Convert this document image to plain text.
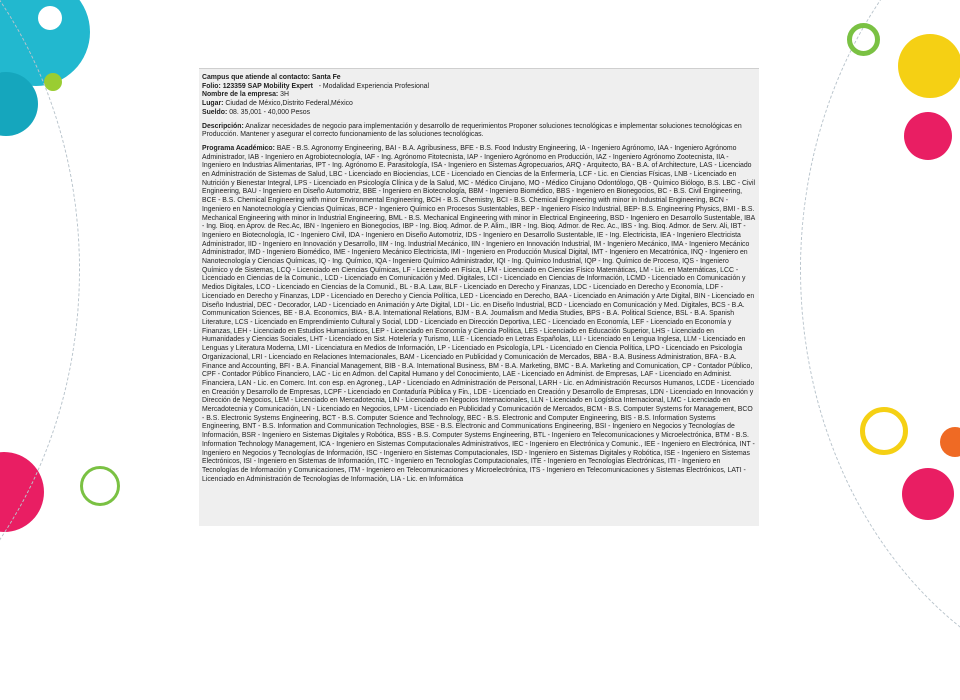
Campus que atiende al contacto: Santa Fe
Folio: 123359 SAP Mobility Expert - Modalidad Experiencia Profesional
Nombre de la empresa: 3H
Lugar: Ciudad de México,Distrito Federal,México
Sueldo: 08. 35,001 - 40,000 Pesos
Descripción: Analizar necesidades de negocio para implementación y desarrollo de requerimientos Proponer soluciones tecnológicas e implementar soluciones tecnológicas en Producción. Mantener y asegurar el correcto funcionamiento de las soluciones tecnológicas.
Programa Académico: BAE - B.S. Agronomy Engineering, BAI - B.A. Agribusiness, BFE - B.S. Food Industry Engineering, IA - Ingeniero Agrónomo, IAA - Ingeniero Agrónomo Administrador, IAB - Ingeniero en Agrobiotecnología, IAF - Ing. Agrónomo Fitotecnista, IAP - Ingeniero Agrónomo en Producción, IAZ - Ingeniero Agrónomo Zootecnista, IIA - Ingeniero en Industrias Alimentarias, IPT - Ing. Agrónomo E. Parasitología, ISA - Ingeniero en Sistemas Agropecuarios, ARQ - Arquitecto, BA - B.A. of Architecture, LAS - Licenciado en Administración de Sistemas de Salud, LBC - Licenciado en Biociencias, LCE - Licenciado en Ciencias de la Enfermería, LCF - Lic. en Ciencias Físicas, LNB - Licenciado en Nutrición y Bienestar Integral, LPS - Licenciado en Psicología Clínica y de la Salud, MC - Médico Cirujano, MO - Médico Cirujano Odontólogo, QB - Químico Biólogo, B.S. LBC - Civil Engineering, BAU - Ingeniero en Diseño Automotriz, BBE - Ingeniero en Biotecnología, BBM - Ingeniero Biomédico, BBS - Ingeniero en Bionegocios, BC - B.S. Civil Engineering, BCE - B.S. Chemical Engineering with minor Environmental Engineering, BCH - B.S. Chemistry, BCI - B.S. Chemical Engineering with minor in Industrial Engineering, BCN - Ingeniero en Nanotecnología y Ciencias Químicas, BCP - Ingeniero Químico en Procesos Sustentables, BEP - Ingeniero Físico Industrial, BEP- B.S. Engineering Physics, BMI - B.S. Mechanical Engineering with minor in Industrial Engineering, BML - B.S. Mechanical Engineering with minor in Electrical Engineering, BSD - Ingeniero en Desarrollo Sustentable, IBA - Ing. Bioq. en Aprov. de Rec.Ac, IBN - Ingeniero en Bionegocios, IBP - Ing. Bioq. Admor. de P. Alim., IBR - Ing. Bioq. Admor. de Rec. Ac., IBS - Ing. Bioq. Admor. de Serv. Ali, IBT - Ingeniero en Biotecnología, IC - Ingeniero Civil, IDA - Ingeniero en Diseño Automotriz, IDS - Ingeniero en Desarrollo Sustentable, IE - Ing. Electricista, IEA - Ingeniero Electricista Administrador, IID - Ingeniero en Innovación y Desarrollo, IIM - Ing. Industrial Mecánico, IIN - Ingeniero en Innovación Industrial, IM - Ingeniero Mecánico, IMA - Ingeniero Mecánico Administrador, IMD - Ingeniero Biomédico, IME - Ingeniero Mecánico Electricista, IMI - Ingeniero en Producción Musical Digital, IMT - Ingeniero en Mecatrónica, INQ - Ingeniero en Nanotecnología y Ciencias Químicas, IQ - Ing. Químico, IQA - Ingeniero Químico Administrador, IQI - Ing. Químico Industrial, IQP - Ing. Químico de Proceso, IQS - Ingeniero Químico y de Sistemas, LCQ - Licenciado en Ciencias Químicas, LF - Licenciado en Física, LFM - Licenciado en Ciencias Físico Matemáticas, LM - Lic. en Matemáticas, LCC - Licenciado en Ciencias de la Comunic., LCD - Licenciado en Comunicación y Med. Digitales, LCI - Licenciado en Ciencias de Información, LCMD - Licenciado en Comunicación y Medios Digitales, LCO - Licenciado en Ciencias de la Comunid., BL - B.A. Law, BLF - Licenciado en Derecho y Finanzas, LDC - Licenciado en Derecho y Economía, LDF - Licenciado en Derecho y Finanzas, LDP - Licenciado en Derecho y Ciencia Política, LED - Licenciado en Derecho, BAA - Licenciado en Animación y Arte Digital, BIN - Licenciado en Diseño Industrial, DEC - Decorador, LAD - Licenciado en Animación y Arte Digital, LDI - Lic. en Diseño Industrial, BCD - Licenciado en Comunicación y Med. Digitales, BCS - B.A. Communication Sciences, BE - B.A. Economics, BIA - B.A. International Relations, BJM - B.A. Journalism and Media Studies, BPS - B.A. Political Science, BSL - B.A. Spanish Literature, LCS - Licenciado en Emprendimiento Cultural y Social, LDD - Licenciado en Dirección Deportiva, LEC - Licenciado en Economía, LEF - Licenciado en Economía y Finanzas, LEH - Licenciado en Estudios Humanísticos, LEP - Licenciado en Economía y Ciencia Política, LES - Licenciado en Educación Superior, LHS - Licenciado en Humanidades y Ciencias Sociales, LHT - Licenciado en Sist. Hotelería y Turismo, LLE - Licenciado en Letras Españolas, LLI - Licenciado en Lengua Inglesa, LLM - Licenciado en Lenguas y Literatura Moderna, LMI - Licenciatura en Medios de Información, LP - Licenciado en Psicología, LPL - Licenciado en Ciencia Política, LPO - Licenciado en Psicología Organizacional, LRI - Licenciado en Relaciones Internacionales, BAM - Licenciado en Publicidad y Comunicación de Mercados, BBA - B.A. Business Administration, BFA - B.A. Finance and Accounting, BFI - B.A. Financial Management, BIB - B.A. International Business, BM - B.A. Marketing, BMC - B.A. Marketing and Comunication, CP - Contador Público, CPF - Contador Público Financiero, LAC - Lic en Admon. del Capital Humano y del Conocimiento, LAE - Licenciado en Administ. de Empresas, LAF - Licenciado en Administ. Financiera, LAN - Lic. en Comerc. Int. con esp. en Agroneg., LAP - Licenciado en Administración de Personal, LARH - Lic. en Administración Recursos Humanos, LCDE - Licenciado en Creación y Desarrollo de Empresas, LCPF - Licenciado en Contaduría Pública y Fin., LDE - Licenciado en Creación y Desarrollo de Empresas, LDN - Licenciado en Innovación y Dirección de Negocios, LEM - Licenciado en Mercadotecnia, LIN - Licenciado en Negocios Internacionales, LLN - Licenciado en Logística Internacional, LMC - Licenciado en Mercadotecnia y Comunicación, LN - Licenciado en Negocios, LPM - Licenciado en Publicidad y Comunicación de Mercados, BCM - B.S. Computer Systems for Management, BCO - B.S. Electronic Systems Engineering, BCT - B.S. Computer Science and Technology, BEC - B.S. Electronic and Computer Engineering, BIS - B.S. Information Systems Engineering, BNT - B.S. Information and Communication Technologies, BSE - B.S. Electronic and Communications Engineering, BSI - Ingeniero en Negocios y Tecnologías de Información, BSR - Ingeniero en Sistemas Digitales y Robótica, BSS - B.S. Computer Systems Engineering, BTL - Ingeniero en Telecomunicaciones y Microelectrónica, BTM - B.S. Information Technology Management, ICA - Ingeniero en Sistemas Computacionales Administrativos, IEC - Ingeniero en Electrónica y Comunic., IEE - Ingeniero en Electrónica, INT - Ingeniero en Negocios y Tecnologías de Información, ISC - Ingeniero en Sistemas Computacionales, ISD - Ingeniero en Sistemas Digitales y Robótica, ISE - Ingeniero en Sistemas Electrónicos, ISI - Ingeniero en Sistemas de Información, ITC - Ingeniero en Tecnologías Computacionales, ITE - Ingeniero en Tecnologías Electrónicas, ITI - Ingeniero en Tecnologías de Información y Comunicaciones, ITM - Ingeniero en Telecomunicaciones y Microelectrónica, ITS - Ingeniero en Telecomunicaciones y Sistemas Electrónicos, LATI - Licenciado en Administración de Tecnologías de Información, LIA - Lic. en Informática
